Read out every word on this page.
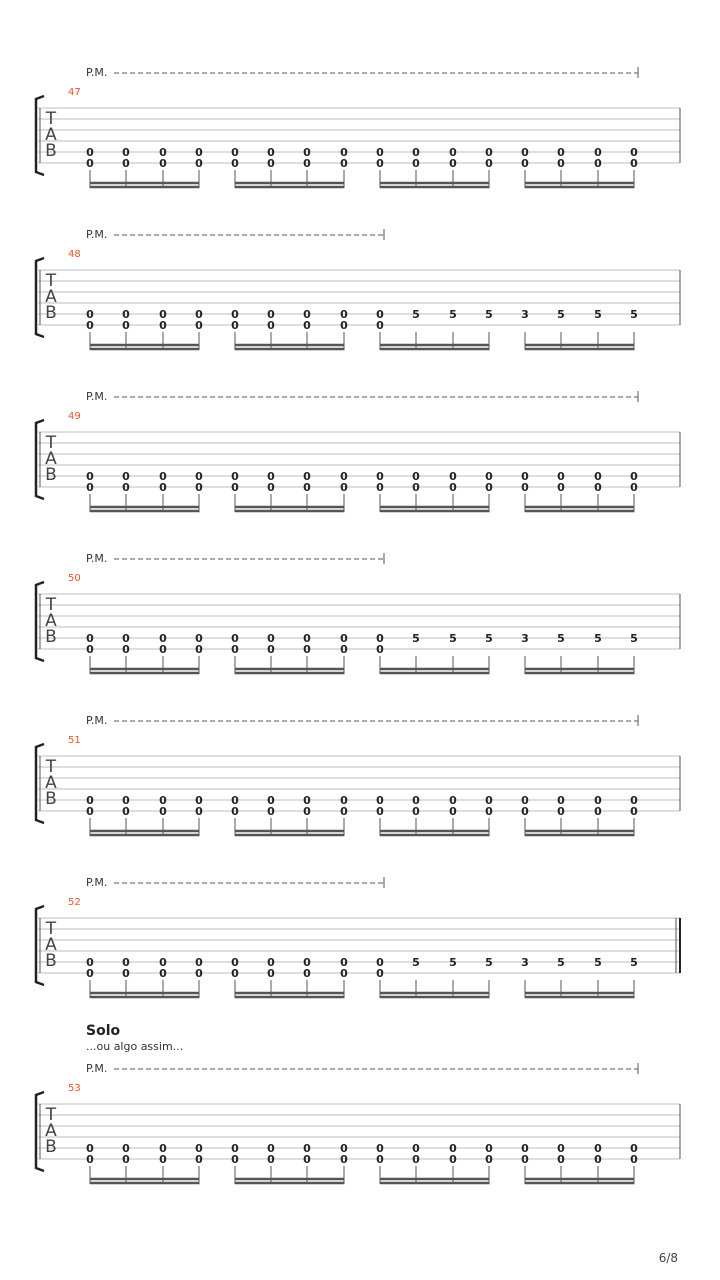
P.M.
47
T
A
B	0	0	0	0	0	0	0	0	0	0	0	0	0	0	0	0
0	0	0	0	0	0	0	0	0	0	0	0	0	0	0	0
P.M.
48
T
A
B	0	0	0	0	0	0	0	0	0	5	5	5	3	5	5	5
0	0	0	0	0	0	0	0	0
P.M.
49
T
A
B	0	0	0	0	0	0	0	0	0	0	0	0	0	0	0	0
0	0	0	0	0	0	0	0	0	0	0	0	0	0	0	0
P.M.
50
T
A
B	0	0	0	0	0	0	0	0	0	5	5	5	3	5	5	5
0	0	0	0	0	0	0	0	0
P.M.
51
T
A
B	0	0	0	0	0	0	0	0	0	0	0	0	0	0	0	0
0	0	0	0	0	0	0	0	0	0	0	0	0	0	0	0
P.M.
52
T
A
B	0	0	0	0	0	0	0	0	0	5	5	5	3	5	5	5
0	0	0	0	0	0	0	0	0
P.M.
Solo
...ou algo assim...
53
T
A
B	0	0	0	0	0	0	0	0	0	0	0	0	0	0	0	0
0	0	0	0	0	0	0	0	0	0	0	0	0	0	0	0
6/8
